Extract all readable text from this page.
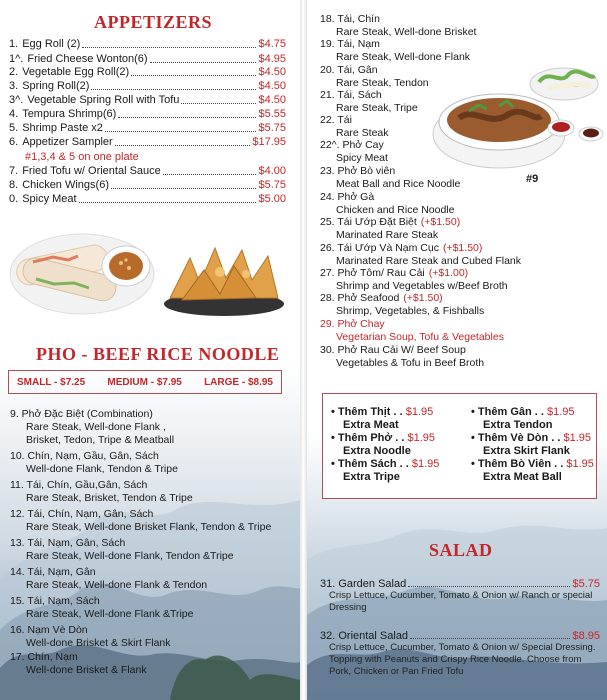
APPETIZERS
1. Egg Roll (2)	$4.75
1^. Fried Cheese Wonton(6)	$4.95
2. Vegetable Egg Roll(2)	$4.50
3. Spring Roll(2)	$4.50
3^. Vegetable Spring Roll with Tofu	$4.50
4. Tempura Shrimp(6)	$5.55
5. Shrimp Paste x2	$5.75
6. Appetizer Sampler	$17.95
7. Fried Tofu w/ Oriental Sauce	$4.00
8. Chicken Wings(6)	$5.75
0. Spicy Meat	$5.00
#1,3,4 & 5 on one plate
PHO - BEEF RICE NOODLE
SMALL - $7.25 MEDIUM - $7.95 LARGE - $8.95
9. Phở Đặc Biệt (Combination)
Rare Steak, Well-done Flank ,
Brisket, Tedon, Tripe & Meatball
10. Chín, Nạm, Gầu, Gân, Sách
Well-done Flank, Tendon & Tripe
11. Tái, Chín, Gầu,Gân, Sách
Rare Steak, Brisket, Tendon & Tripe
12. Tái, Chín, Nạm, Gân, Sách
Rare Steak, Well-done Brisket Flank, Tendon & Tripe
13. Tái, Nạm, Gân, Sách
Rare Steak, Well-done Flank, Tendon &Tripe
14. Tái, Nạm, Gân
Rare Steak, Well-done Flank & Tendon
15. Tái, Nạm, Sách
Rare Steak, Well-done Flank &Tripe
16. Nạm Vè Dòn
Well-done Brisket & Skirt Flank
17. Chín, Nạm
Well-done Brisket & Flank
18. Tái, Chín
Rare Steak, Well-done Brisket
19. Tái, Nạm
Rare Steak, Well-done Flank
20. Tái, Gân
Rare Steak, Tendon
21. Tái, Sách
Rare Steak, Tripe
22. Tái
Rare Steak
22^. Phở Cay
Spicy Meat
23. Phở Bò viên
Meat Ball and Rice Noodle
24. Phở Gà
Chicken and Rice Noodle
25. Tái Ướp Đặt Biệt (+$1.50)
Marinated Rare Steak
26. Tái Ướp Và Nạm Cục (+$1.50)
Marinated Rare Steak and Cubed Flank
27. Phở Tôm/ Rau Cải (+$1.00)
Shrimp and Vegetables w/Beef Broth
28. Phở Seafood (+$1.50)
Shrimp, Vegetables, & Fishballs
29. Phở Chay
Vegetarian Soup, Tofu & Vegetables
30. Phở Rau Cải W/ Beef Soup
Vegetables & Tofu in Beef Broth
#9
SALAD
• Thêm Thịt . . $1.95
Extra Meat
• Thêm Phở . . $1.95
Extra Noodle
• Thêm Sách . . $1.95
Extra Tripe
• Thêm Gân . . $1.95
Extra Tendon
• Thêm Vè Dòn . . $1.95
Extra Skirt Flank
• Thêm Bò Viên . . $1.95
Extra Meat Ball
31. Garden Salad	$5.75
Crisp Lettuce, Cucumber, Tomato & Onion w/ Ranch or special Dressing
32. Oriental Salad	$8.95
Crisp Lettuce, Cucumber, Tomato & Onion w/ Special Dressing. Topping with Peanuts and Crispy Rice Noodle. Choose from Pork, Chicken or Pan Fried Tofu
